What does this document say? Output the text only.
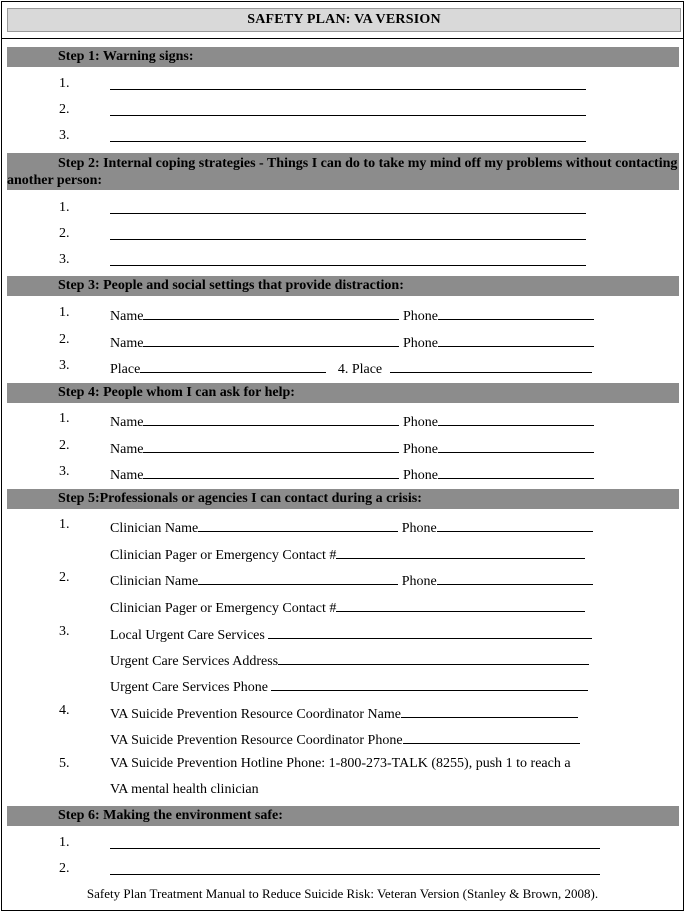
SAFETY PLAN: VA VERSION
Step 1: Warning signs:
1.
2.
3.
Step 2: Internal coping strategies - Things I can do to take my mind off my problems without contacting another person:
1.
2.
3.
Step 3: People and social settings that provide distraction:
1.	Name	Phone
2.	Name	Phone
3.	Place	4. Place
Step 4: People whom I can ask for help:
1.	Name	Phone
2.	Name	Phone
3.	Name	Phone
Step 5:Professionals or agencies I can contact during a crisis:
1.	Clinician Name	Phone
Clinician Pager or Emergency Contact #
2.	Clinician Name	Phone
Clinician Pager or Emergency Contact #
3.	Local Urgent Care Services
Urgent Care Services Address
Urgent Care Services Phone
4.	VA Suicide Prevention Resource Coordinator Name
VA Suicide Prevention Resource Coordinator Phone
5.	VA Suicide Prevention Hotline Phone: 1-800-273-TALK (8255), push 1 to reach a
VA mental health clinician
Step 6: Making the environment safe:
1.
2.
Safety Plan Treatment Manual to Reduce Suicide Risk: Veteran Version (Stanley & Brown, 2008).
